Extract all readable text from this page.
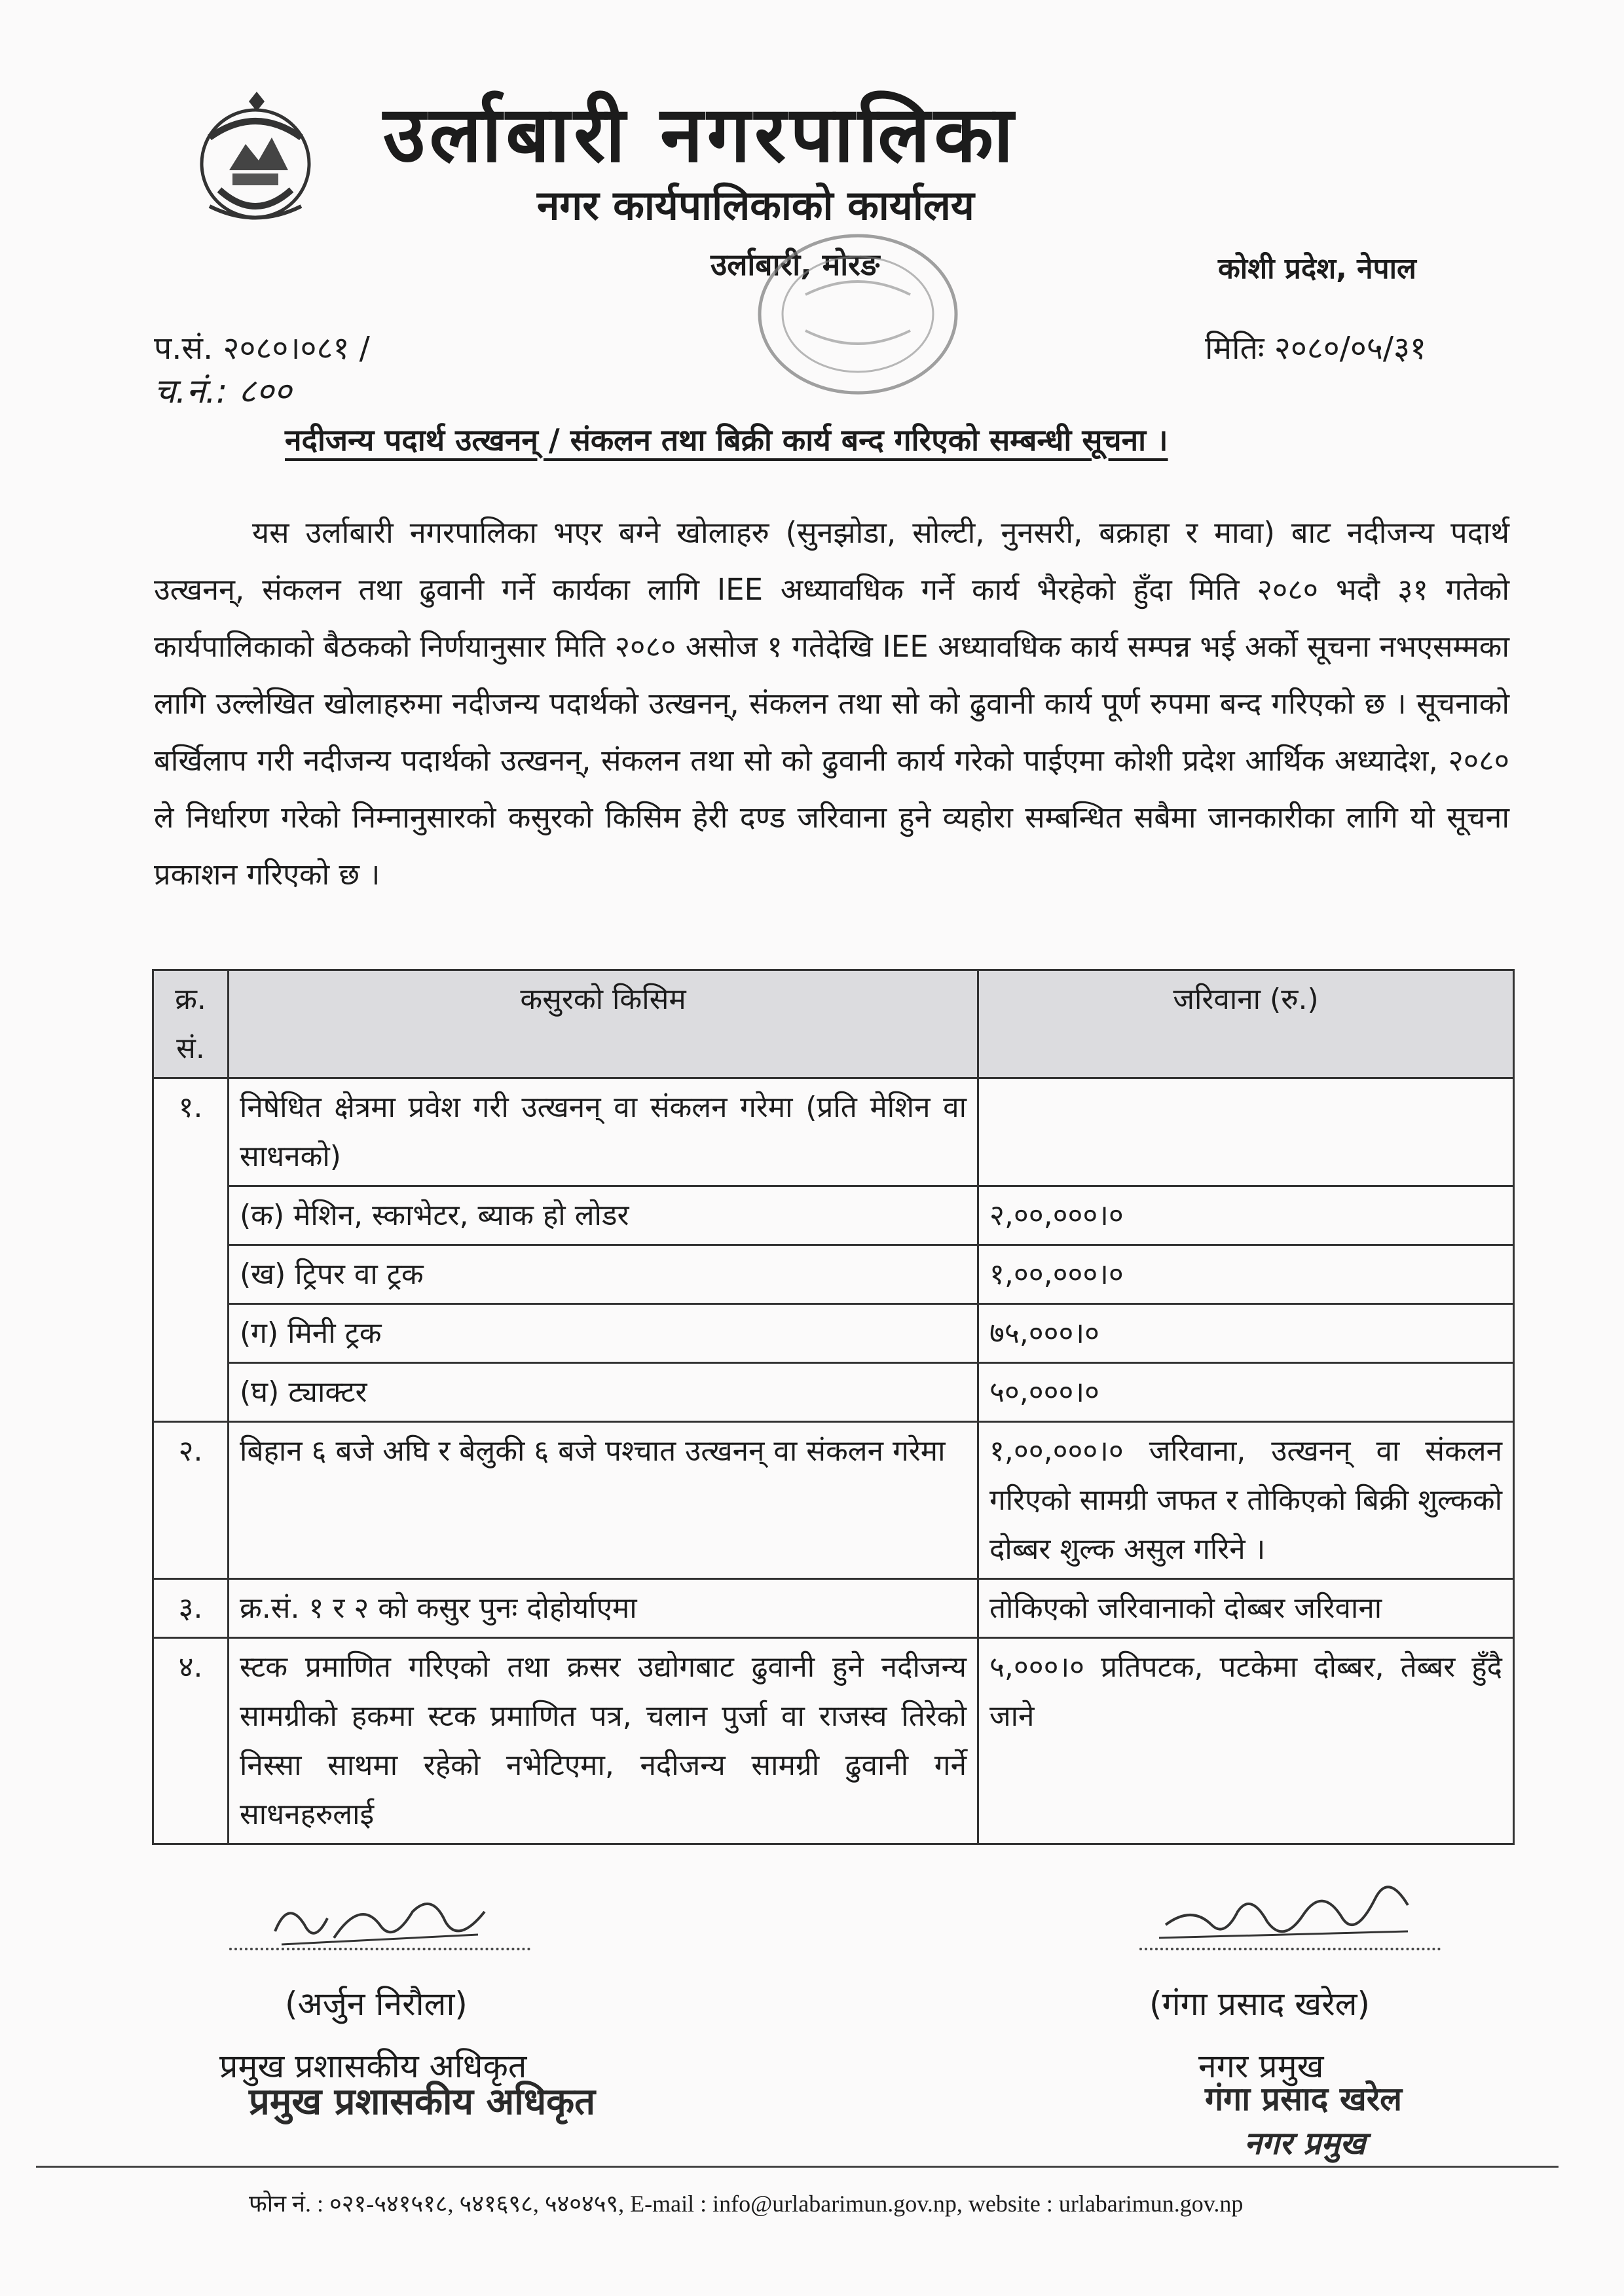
उर्लाबारी नगरपालिका
नगर कार्यपालिकाको कार्यालय
उर्लाबारी, मोरङ	कोशी प्रदेश, नेपाल
प.सं. २०८०।०८१ /
च.नं.: ८००
मितिः २०८०/०५/३१
नदीजन्य पदार्थ उत्खनन् / संकलन तथा बिक्री कार्य बन्द गरिएको सम्बन्धी सूचना ।
यस उर्लाबारी नगरपालिका भएर बग्ने खोलाहरु (सुनझोडा, सोल्टी, नुनसरी, बक्राहा र मावा) बाट नदीजन्य पदार्थ उत्खनन्, संकलन तथा ढुवानी गर्ने कार्यका लागि IEE अध्यावधिक गर्ने कार्य भैरहेको हुँदा मिति २०८० भदौ ३१ गतेको कार्यपालिकाको बैठकको निर्णयानुसार मिति २०८० असोज १ गतेदेखि IEE अध्यावधिक कार्य सम्पन्न भई अर्को सूचना नभएसम्मका लागि उल्लेखित खोलाहरुमा नदीजन्य पदार्थको उत्खनन्, संकलन तथा सो को ढुवानी कार्य पूर्ण रुपमा बन्द गरिएको छ । सूचनाको बर्खिलाप गरी नदीजन्य पदार्थको उत्खनन्, संकलन तथा सो को ढुवानी कार्य गरेको पाईएमा कोशी प्रदेश आर्थिक अध्यादेश, २०८० ले निर्धारण गरेको निम्नानुसारको कसुरको किसिम हेरी दण्ड जरिवाना हुने व्यहोरा सम्बन्धित सबैमा जानकारीका लागि यो सूचना प्रकाशन गरिएको छ ।
क्र. सं.	कसुरको किसिम	जरिवाना (रु.)
१.	निषेधित क्षेत्रमा प्रवेश गरी उत्खनन् वा संकलन गरेमा (प्रति मेशिन वा साधनको)	
	(क) मेशिन, स्काभेटर, ब्याक हो लोडर	२,००,०००।०
	(ख) ट्रिपर वा ट्रक	१,००,०००।०
	(ग) मिनी ट्रक	७५,०००।०
	(घ) ट्याक्टर	५०,०००।०
२.	बिहान ६ बजे अघि र बेलुकी ६ बजे पश्चात उत्खनन् वा संकलन गरेमा	१,००,०००।० जरिवाना, उत्खनन् वा संकलन गरिएको सामग्री जफत र तोकिएको बिक्री शुल्कको दोब्बर शुल्क असुल गरिने ।
३.	क्र.सं. १ र २ को कसुर पुनः दोहोर्याएमा	तोकिएको जरिवानाको दोब्बर जरिवाना
४.	स्टक प्रमाणित गरिएको तथा क्रसर उद्योगबाट ढुवानी हुने नदीजन्य सामग्रीको हकमा स्टक प्रमाणित पत्र, चलान पुर्जा वा राजस्व तिरेको निस्सा साथमा रहेको नभेटिएमा, नदीजन्य सामग्री ढुवानी गर्ने साधनहरुलाई	५,०००।० प्रतिपटक, पटकेमा दोब्बर, तेब्बर हुँदै जाने
(अर्जुन निरौला)
प्रमुख प्रशासकीय अधिकृत
प्रमुख प्रशासकीय अधिकृत
(गंगा प्रसाद खरेल)
नगर प्रमुख
गंगा प्रसाद खरेल
नगर प्रमुख
फोन नं. : ०२१-५४१५१८, ५४१६९८, ५४०४५९, E-mail : info@urlabarimun.gov.np, website : urlabarimun.gov.np
